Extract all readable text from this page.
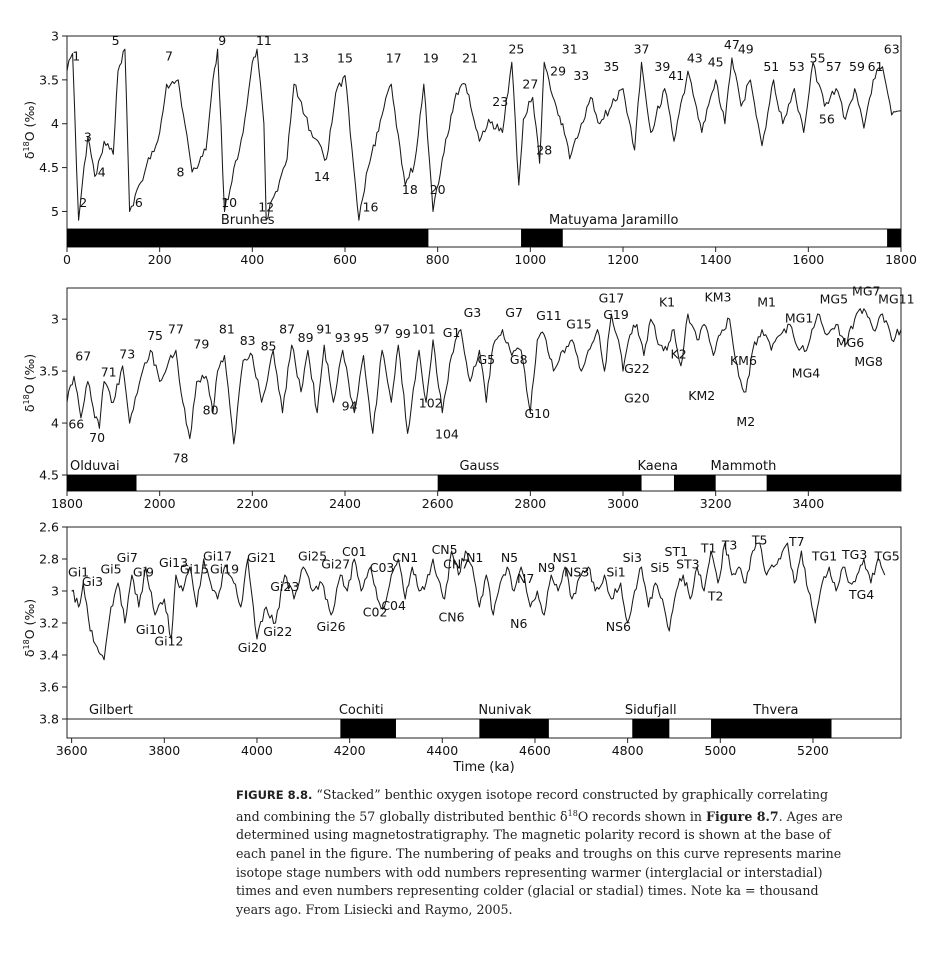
Brunhes	Matuyama Jaramillo
0	200	400	600	800	1000	1200	1400	1600	1800
3
3.5
4
4.5
5
$\delta^{18}O$ (‰)
1
2
3
4
5
6
7
8
9
10
11
12
13
14
15
16
17
18
19
20
21
23
25
27
28
29
31
33
35
37
39
41
43 45
47
49
51 53
55
56
57 59 61
63
Olduvai	Gauss	Kaena	Mammoth
1800	2000	2200	2400	2600	2800	3000	3200	3400
3
3.5
4
4.5
$\delta^{18}O$ (‰)
66
67
70
71
73
75 77
78
79
80
81
83 85
87
89
91
93
94
95
97 99 101
102
104
G1
G3
G5
G7
G8
G10
G11
G15
G17
G19
G20
G22
K1
K2
KM2
KM3
KM6
M1
M2
MG1
MG4
MG5
MG6
MG7
MG8
MG11
Gilbert	Cochiti	Nunivak	Sidufjall	Thvera
3600	3800	4000	4200	4400	4600	4800	5000	5200
2.6
2.8
3
3.2
3.4
3.6
3.8
$\delta^{18}O$ (‰)
Time (ka)
Gi1
Gi3
Gi5
Gi7
Gi9
Gi10
Gi12
Gi13
Gi15
Gi17
Gi19
Gi20
Gi21
Gi22
Gi23
Gi25
Gi26
Gi27
C01
C02
C03
C04
CN1
CN5
CN6
CN7
N1 N5
N6
N7
N9
NS1
NS3 Si1
NS6
Si3
Si5
ST1
ST3
T1
T2
T3 T5 T7
TG1 TG3
TG4
TG5
FIGURE 8.8. “Stacked” benthic oxygen isotope record constructed by graphically correlating
and combining the 57 globally distributed benthic $\delta^{18}O$ records shown in Figure 8.7. Ages are
determined using magnetostratigraphy. The magnetic polarity record is shown at the base of
each panel in the figure. The numbering of peaks and troughs on this curve represents marine
isotope stage numbers with odd numbers representing warmer (interglacial or interstadial)
times and even numbers representing colder (glacial or stadial) times. Note ka = thousand
years ago. From Lisiecki and Raymo, 2005.
